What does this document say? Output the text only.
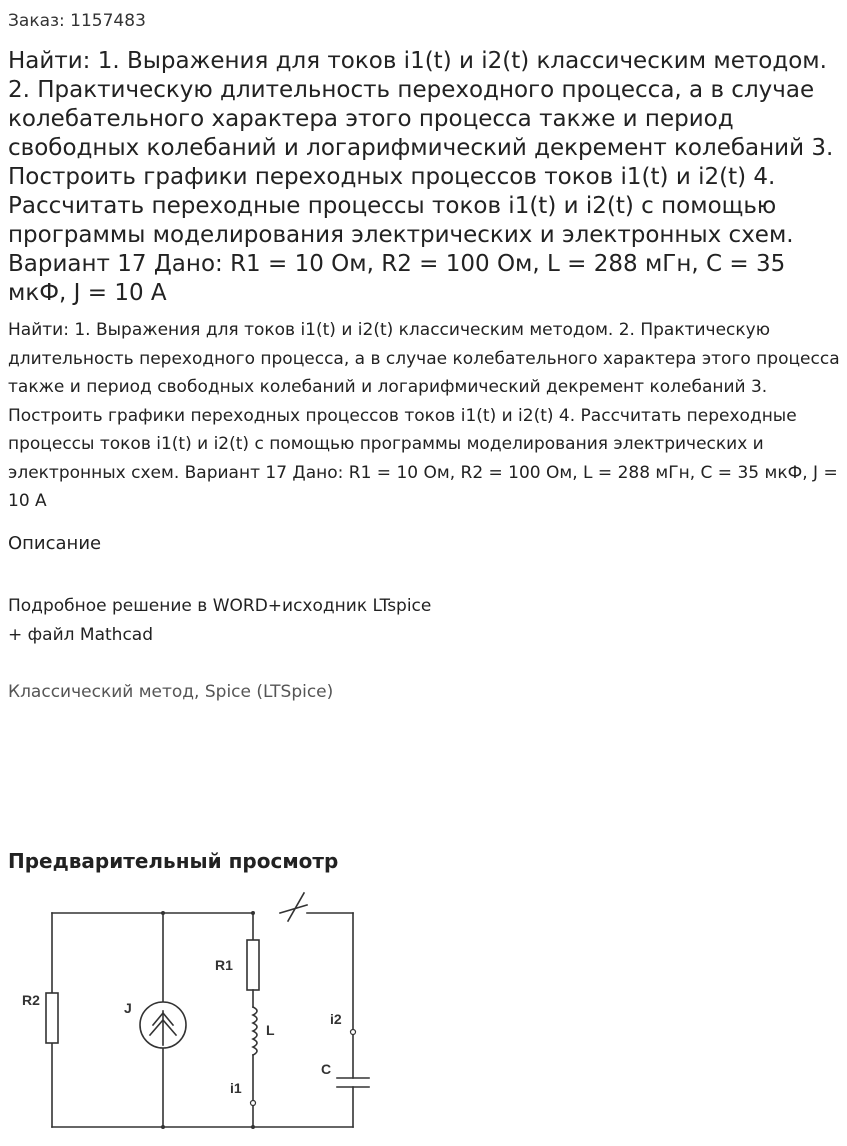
Заказ: 1157483
Найти: 1. Выражения для токов i1(t) и i2(t) классическим методом. 2. Практическую длительность переходного процесса, а в случае колебательного характера этого процесса также и период свободных колебаний и логарифмический декремент колебаний 3. Построить графики переходных процессов токов i1(t) и i2(t) 4. Рассчитать переходные процессы токов i1(t) и i2(t) с помощью программы моделирования электрических и электронных схем. Вариант 17 Дано: R1 = 10 Ом, R2 = 100 Ом, L = 288 мГн, C = 35 мкФ, J = 10 А

Найти: 1. Выражения для токов i1(t) и i2(t) классическим методом. 2. Практическую длительность переходного процесса, а в случае колебательного характера этого процесса также и период свободных колебаний и логарифмический декремент колебаний 3. Построить графики переходных процессов токов i1(t) и i2(t) 4. Рассчитать переходные процессы токов i1(t) и i2(t) с помощью программы моделирования электрических и электронных схем. Вариант 17 Дано: R1 = 10 Ом, R2 = 100 Ом, L = 288 мГн, C = 35 мкФ, J = 10 А

Описание
Подробное решение в WORD+исходник LTspice
+ файл Mathcad
Классический метод, Spice (LTSpice)
Предварительный просмотр
R2	J
R1
L
i2
C
i1
